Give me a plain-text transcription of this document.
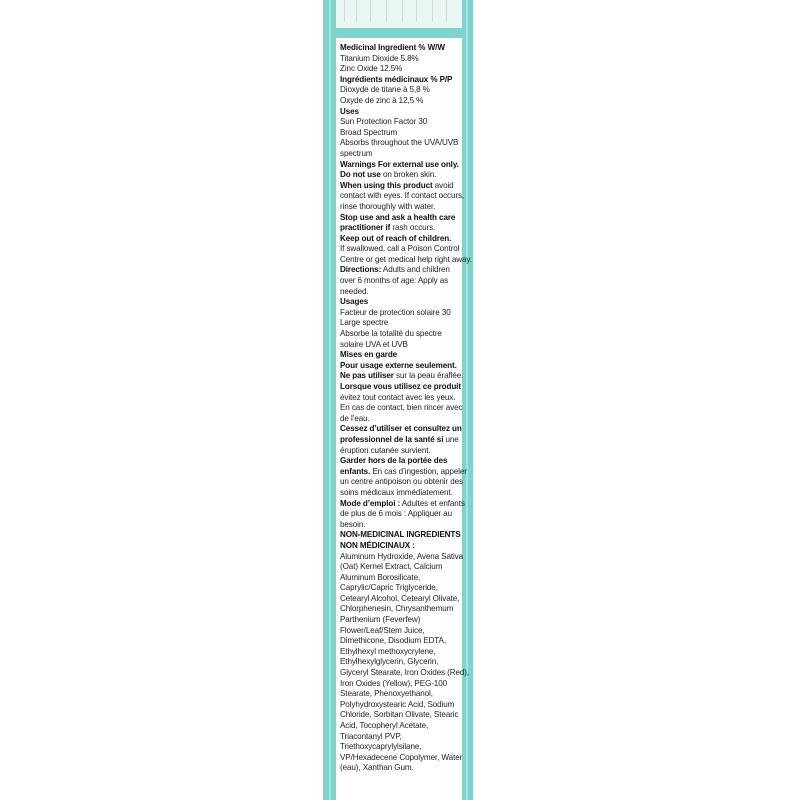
Medicinal Ingredient % W/W

Titanium Dioxide 5.8%

Zinc Oxide 12.5%

Ingrédients médicinaux % P/P

Dioxyde de titane à 5,8 %

Oxyde de zinc à 12,5 %

Uses

Sun Protection Factor 30

Broad Spectrum

Absorbs throughout the UVA/UVB

spectrum

Warnings For external use only.

Do not use on broken skin.

When using this product avoid

contact with eyes. If contact occurs,

rinse thoroughly with water.

Stop use and ask a health care

practitioner if rash occurs.

Keep out of reach of children.

If swallowed, call a Poison Control

Centre or get medical help right away.

Directions: Adults and children

over 6 months of age: Apply as

needed.

Usages

Facteur de protection solaire 30

Large spectre

Absorbe la totalité du spectre

solaire UVA et UVB

Mises en garde

Pour usage externe seulement.

Ne pas utiliser sur la peau éraflée.

Lorsque vous utilisez ce produit

évitez tout contact avec les yeux.

En cas de contact, bien rincer avec

de l’eau.

Cessez d’utiliser et consultez un

professionnel de la santé si une

éruption cutanée survient.

Garder hors de la portée des

enfants. En cas d’ingestion, appeler

un centre antipoison ou obtenir des

soins médicaux immédiatement.

Mode d’emploi : Adultes et enfants

de plus de 6 mois : Appliquer au

besoin.

NON-MEDICINAL INGREDIENTS

NON MÉDICINAUX :

Aluminum Hydroxide, Avena Sativa

(Oat) Kernel Extract, Calcium

Aluminum Borosilicate,

Caprylic/Capric Triglyceride,

Cetearyl Alcohol, Cetearyl Olivate,

Chlorphenesin, Chrysanthemum

Parthenium (Feverfew)

Flower/Leaf/Stem Juice,

Dimethicone, Disodium EDTA,

Ethylhexyl methoxycrylene,

Ethylhexylglycerin, Glycerin,

Glyceryl Stearate, Iron Oxides (Red),

Iron Oxides (Yellow), PEG-100

Stearate, Phenoxyethanol,

Polyhydroxystearic Acid, Sodium

Chloride, Sorbitan Olivate, Stearic

Acid, Tocopheryl Acetate,

Triacontanyl PVP,

Triethoxycaprylylsilane,

VP/Hexadecene Copolymer, Water

(eau), Xanthan Gum.
